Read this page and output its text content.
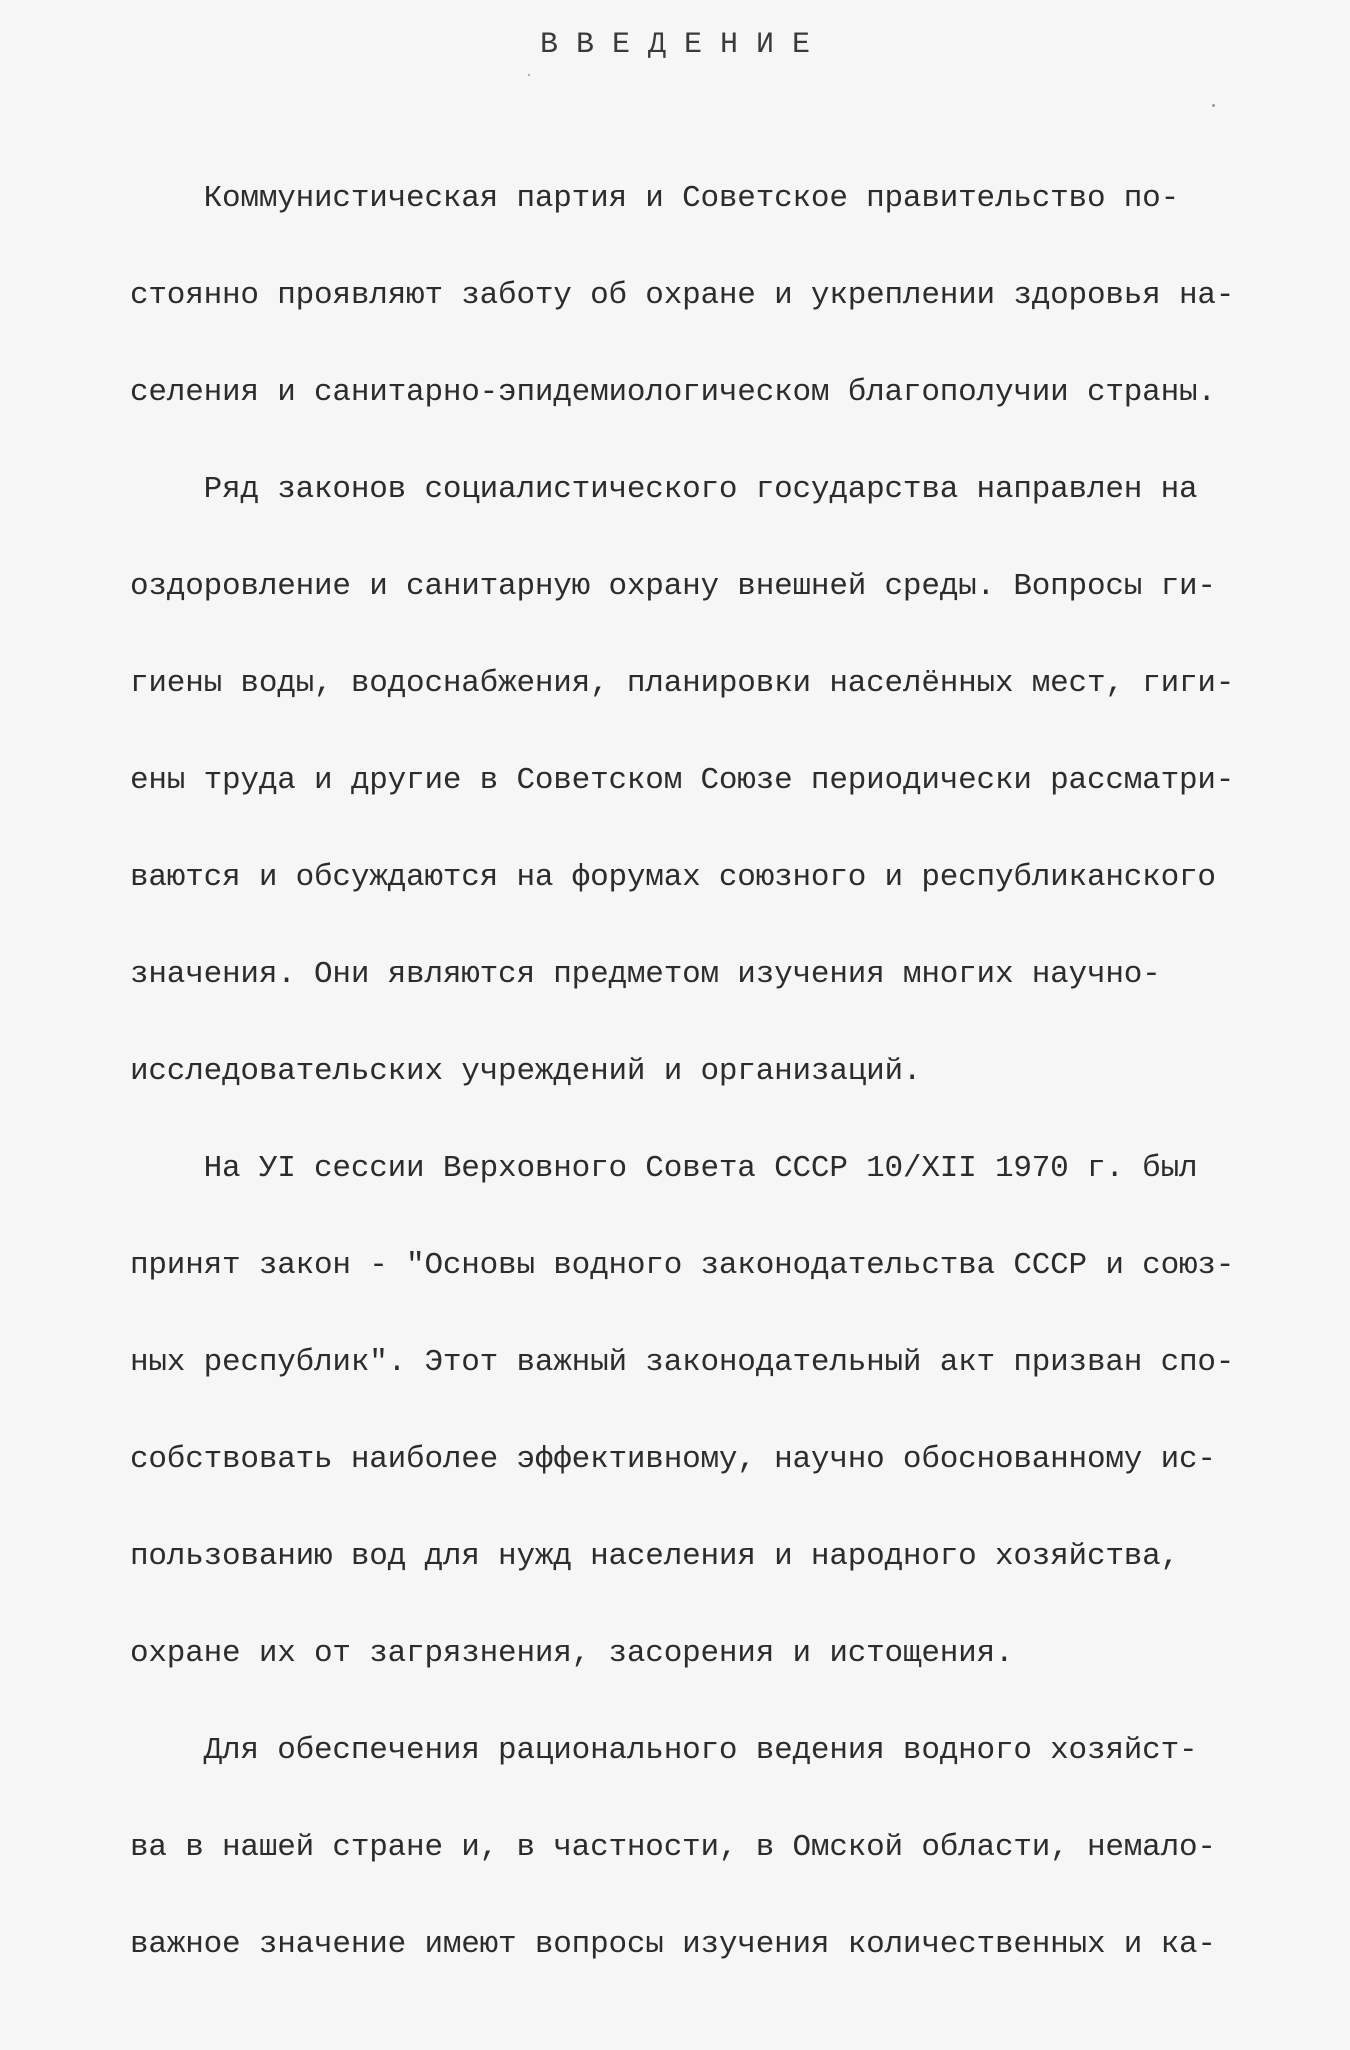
В В Е Д Е Н И Е

Коммунистическая партия и Советское правительство по-

стоянно проявляют заботу об охране и укреплении здоровья на-

селения и санитарно-эпидемиологическом благополучии страны.

Ряд законов социалистического государства направлен на

оздоровление и санитарную охрану внешней среды. Вопросы ги-

гиены воды, водоснабжения, планировки населённых мест, гиги-

ены труда и другие в Советском Союзе периодически рассматри-

ваются и обсуждаются на форумах союзного и республиканского

значения. Они являются предметом изучения многих научно-

исследовательских учреждений и организаций.

На УI сессии Верховного Совета СССР 10/XII 1970 г. был

принят закон - "Основы водного законодательства СССР и союз-

ных республик". Этот важный законодательный акт призван спо-

собствовать наиболее эффективному, научно обоснованному ис-

пользованию вод для нужд населения и народного хозяйства,

охране их от загрязнения, засорения и истощения.

Для обеспечения рационального ведения водного хозяйст-

ва в нашей стране и, в частности, в Омской области, немало-

важное значение имеют вопросы изучения количественных и ка-
